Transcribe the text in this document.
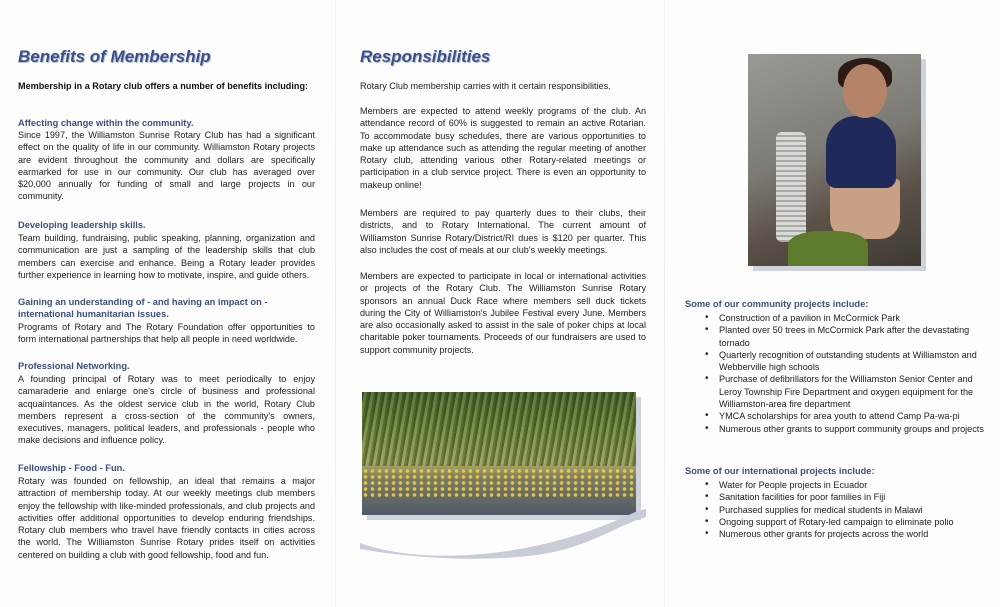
Benefits of Membership

Membership in a Rotary club offers a number of benefits including:

Affecting change within the community.

Since 1997, the Williamston Sunrise Rotary Club has had a significant effect on the quality of life in our community. Williamston Rotary projects are evident throughout the community and dollars are specifically earmarked for use in our community. Our club has averaged over $20,000 annually for funding of small and large projects in our community.

Developing leadership skills.

Team building, fundraising, public speaking, planning, organization and communication are just a sampling of the leadership skills that club members can exercise and enhance. Being a Rotary leader provides further experience in learning how to motivate, inspire, and guide others.

Gaining an understanding of - and having an impact on - international humanitarian issues.

Programs of Rotary and The Rotary Foundation offer opportunities to form international partnerships that help all people in need worldwide.

Professional Networking.

A founding principal of Rotary was to meet periodically to enjoy camaraderie and enlarge one's circle of business and professional acquaintances. As the oldest service club in the world, Rotary Club members represent a cross-section of the community's owners, executives, managers, political leaders, and professionals - people who make decisions and influence policy.

Fellowship - Food - Fun.

Rotary was founded on fellowship, an ideal that remains a major attraction of membership today. At our weekly meetings club members enjoy the fellowship with like-minded professionals, and club projects and activities offer additional opportunities to develop enduring friendships. Rotary club members who travel have friendly contacts in cities across the world. The Williamston Sunrise Rotary prides itself on activities centered on building a club with good fellowship, food and fun.

Responsibilities

Rotary Club membership carries with it certain responsibilities.

Members are expected to attend weekly programs of the club. An attendance record of 60% is suggested to remain an active Rotarian. To accommodate busy schedules, there are various opportunities to make up attendance such as attending the regular meeting of another Rotary club, attending various other Rotary-related meetings or participation in a club service project. There is even an opportunity to makeup online!

Members are required to pay quarterly dues to their clubs, their districts, and to Rotary International. The current amount of Williamston Sunrise Rotary/District/RI dues is $120 per quarter. This also includes the cost of meals at our club's weekly meetings.

Members are expected to participate in local or international activities or projects of the Rotary Club. The Williamston Sunrise Rotary sponsors an annual Duck Race where members sell duck tickets during the City of Williamston's Jubilee Festival every June. Members are also occasionally asked to assist in the sale of poker chips at local charitable poker tournaments. Proceeds of our fundraisers are used to support community projects.

Some of our community projects include:

• Construction of a pavilion in McCormick Park
• Planted over 50 trees in McCormick Park after the devastating tornado
• Quarterly recognition of outstanding students at Williamston and Webberville high schools
• Purchase of defibrillators for the Williamston Senior Center and Leroy Township Fire Department and oxygen equipment for the Williamston-area fire department
• YMCA scholarships for area youth to attend Camp Pa-wa-pi
• Numerous other grants to support community groups and projects

Some of our international projects include:

• Water for People projects in Ecuador
• Sanitation facilities for poor families in Fiji
• Purchased supplies for medical students in Malawi
• Ongoing support of Rotary-led campaign to eliminate polio
• Numerous other grants for projects across the world
